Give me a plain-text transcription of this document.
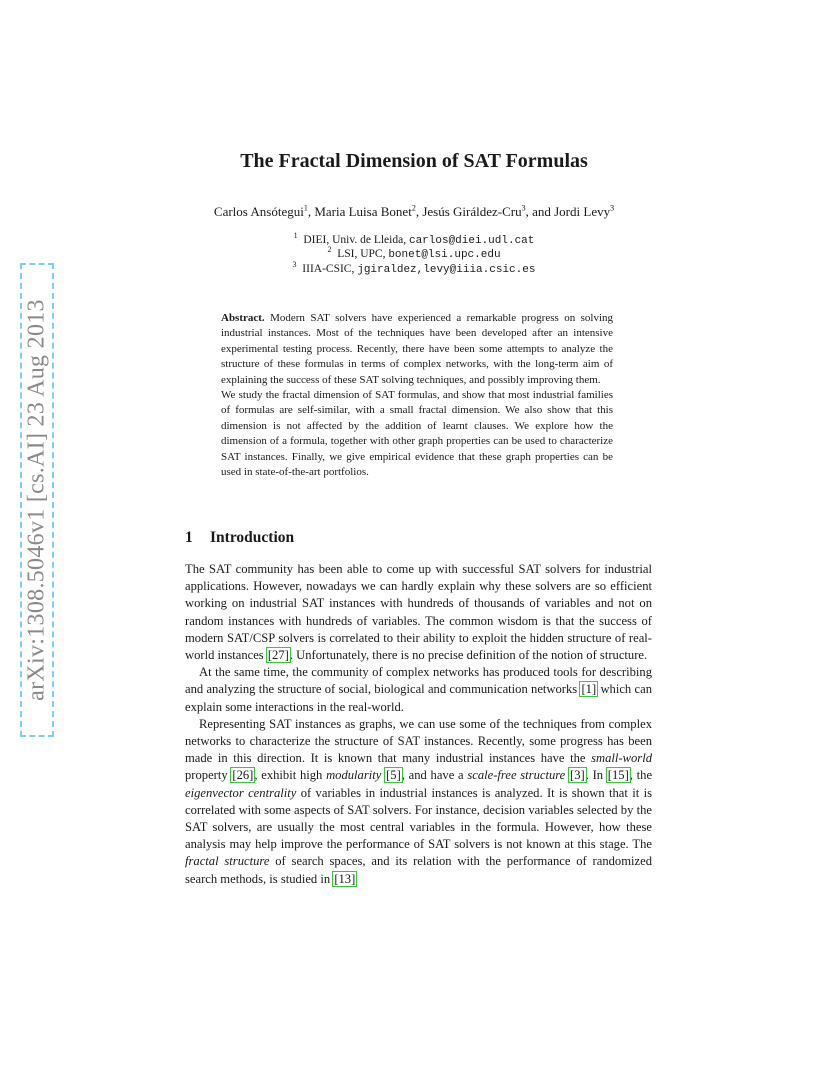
arXiv:1308.5046v1 [cs.AI] 23 Aug 2013
The Fractal Dimension of SAT Formulas
Carlos Ansótegui$^1$, Maria Luisa Bonet$^2$, Jesús Giráldez-Cru$^3$, and Jordi Levy$^3$
$^1$ DIEI, Univ. de Lleida, carlos@diei.udl.cat
$^2$ LSI, UPC, bonet@lsi.upc.edu
$^3$ IIIA-CSIC, jgiraldez,levy@iiia.csic.es

Abstract. Modern SAT solvers have experienced a remarkable progress on solving industrial instances. Most of the techniques have been developed after an intensive experimental testing process. Recently, there have been some attempts to analyze the structure of these formulas in terms of complex networks, with the long-term aim of explaining the success of these SAT solving techniques, and possibly improving them.

We study the fractal dimension of SAT formulas, and show that most industrial families of formulas are self-similar, with a small fractal dimension. We also show that this dimension is not affected by the addition of learnt clauses. We explore how the dimension of a formula, together with other graph properties can be used to characterize SAT instances. Finally, we give empirical evidence that these graph properties can be used in state-of-the-art portfolios.

1 Introduction

The SAT community has been able to come up with successful SAT solvers for industrial applications. However, nowadays we can hardly explain why these solvers are so efficient working on industrial SAT instances with hundreds of thousands of variables and not on random instances with hundreds of variables. The common wisdom is that the success of modern SAT/CSP solvers is correlated to their ability to exploit the hidden structure of real-world instances [27]. Unfortunately, there is no precise definition of the notion of structure.

At the same time, the community of complex networks has produced tools for describing and analyzing the structure of social, biological and communication networks [1] which can explain some interactions in the real-world.

Representing SAT instances as graphs, we can use some of the techniques from complex networks to characterize the structure of SAT instances. Recently, some progress has been made in this direction. It is known that many industrial instances have the small-world property [26], exhibit high modularity [5], and have a scale-free structure [3]. In [15], the eigenvector centrality of variables in industrial instances is analyzed. It is shown that it is correlated with some aspects of SAT solvers. For instance, decision variables selected by the SAT solvers, are usually the most central variables in the formula. However, how these analysis may help improve the performance of SAT solvers is not known at this stage. The fractal structure of search spaces, and its relation with the performance of randomized search methods, is studied in [13]
